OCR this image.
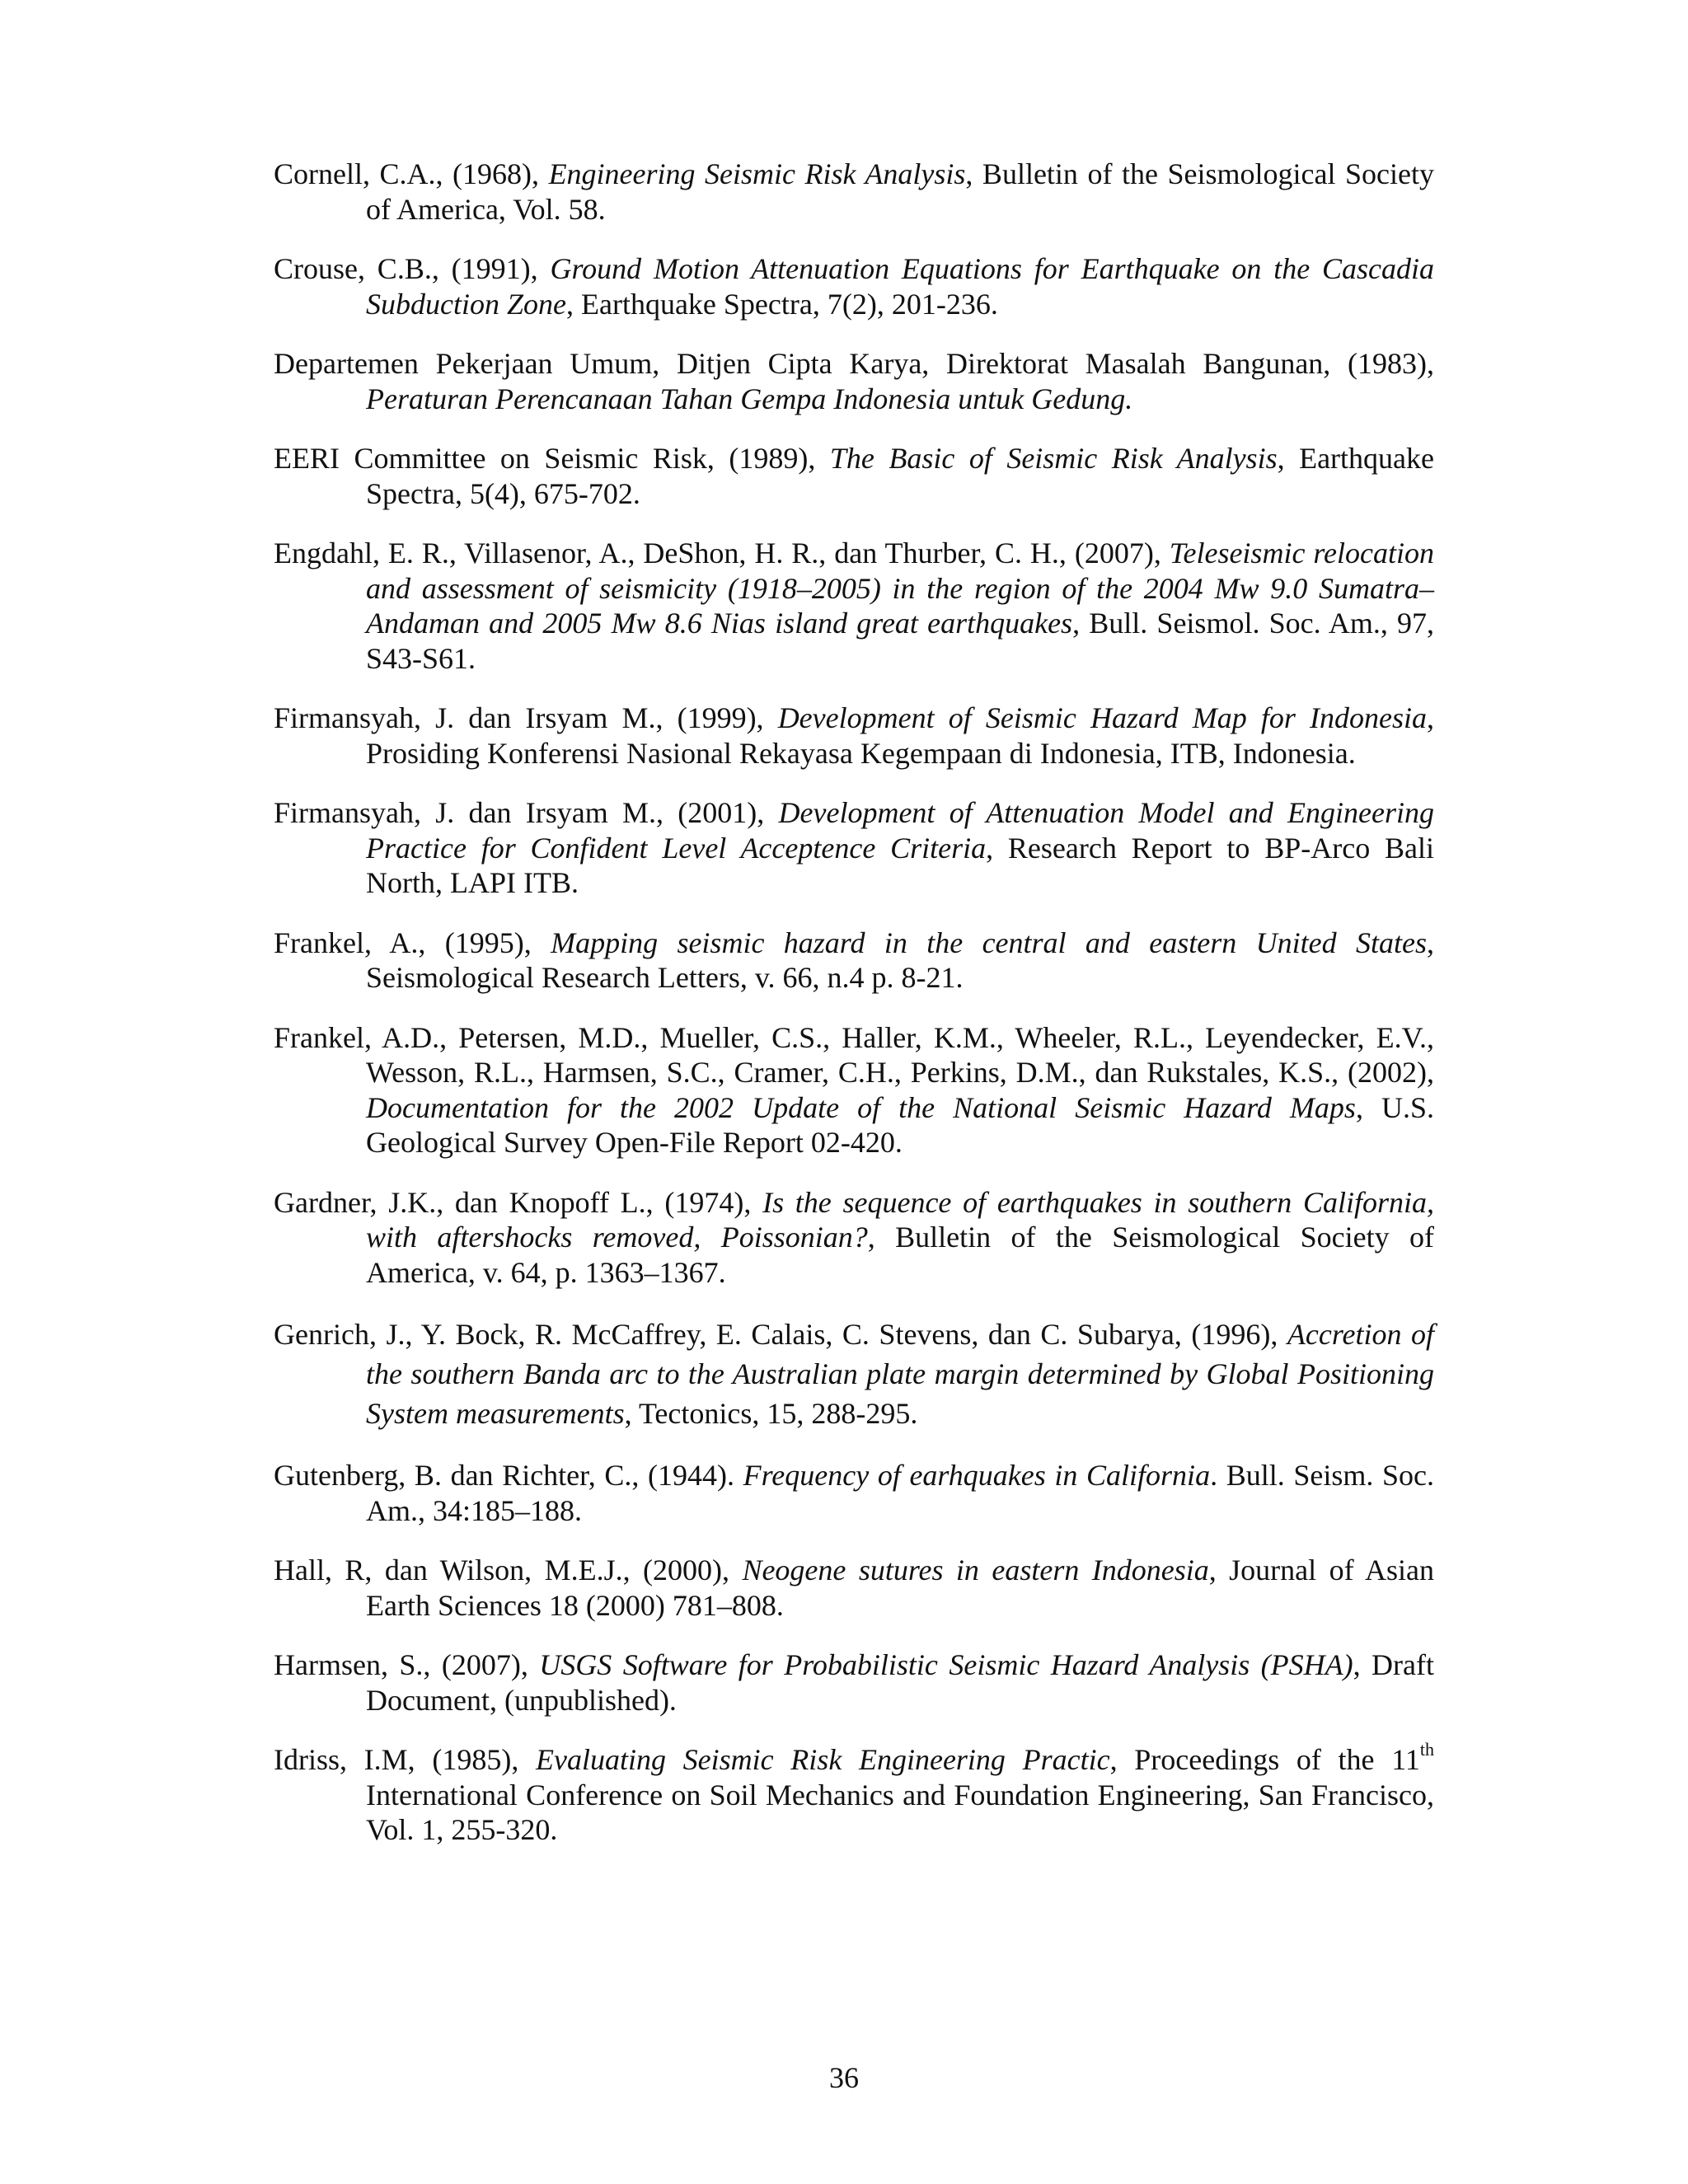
Cornell, C.A., (1968), Engineering Seismic Risk Analysis, Bulletin of the Seismological Society of America, Vol. 58.

Crouse, C.B., (1991), Ground Motion Attenuation Equations for Earthquake on the Cascadia Subduction Zone, Earthquake Spectra, 7(2), 201-236.

Departemen Pekerjaan Umum, Ditjen Cipta Karya, Direktorat Masalah Bangunan, (1983), Peraturan Perencanaan Tahan Gempa Indonesia untuk Gedung.

EERI Committee on Seismic Risk, (1989), The Basic of Seismic Risk Analysis, Earthquake Spectra, 5(4), 675-702.

Engdahl, E. R., Villasenor, A., DeShon, H. R., dan Thurber, C. H., (2007), Teleseismic relocation and assessment of seismicity (1918–2005) in the region of the 2004 Mw 9.0 Sumatra–Andaman and 2005 Mw 8.6 Nias island great earthquakes, Bull. Seismol. Soc. Am., 97, S43-S61.

Firmansyah, J. dan Irsyam M., (1999), Development of Seismic Hazard Map for Indonesia, Prosiding Konferensi Nasional Rekayasa Kegempaan di Indonesia, ITB, Indonesia.

Firmansyah, J. dan Irsyam M., (2001), Development of Attenuation Model and Engineering Practice for Confident Level Acceptence Criteria, Research Report to BP-Arco Bali North, LAPI ITB.

Frankel, A., (1995), Mapping seismic hazard in the central and eastern United States, Seismological Research Letters, v. 66, n.4 p. 8-21.

Frankel, A.D., Petersen, M.D., Mueller, C.S., Haller, K.M., Wheeler, R.L., Leyendecker, E.V., Wesson, R.L., Harmsen, S.C., Cramer, C.H., Perkins, D.M., dan Rukstales, K.S., (2002), Documentation for the 2002 Update of the National Seismic Hazard Maps, U.S. Geological Survey Open-File Report 02-420.

Gardner, J.K., dan Knopoff L., (1974), Is the sequence of earthquakes in southern California, with aftershocks removed, Poissonian?, Bulletin of the Seismological Society of America, v. 64, p. 1363–1367.

Genrich, J., Y. Bock, R. McCaffrey, E. Calais, C. Stevens, dan C. Subarya, (1996), Accretion of the southern Banda arc to the Australian plate margin determined by Global Positioning System measurements, Tectonics, 15, 288-295.

Gutenberg, B. dan Richter, C., (1944). Frequency of earhquakes in California. Bull. Seism. Soc. Am., 34:185–188.

Hall, R, dan Wilson, M.E.J., (2000), Neogene sutures in eastern Indonesia, Journal of Asian Earth Sciences 18 (2000) 781–808.

Harmsen, S., (2007), USGS Software for Probabilistic Seismic Hazard Analysis (PSHA), Draft Document, (unpublished).

Idriss, I.M, (1985), Evaluating Seismic Risk Engineering Practic, Proceedings of the 11th International Conference on Soil Mechanics and Foundation Engineering, San Francisco, Vol. 1, 255-320.

36
